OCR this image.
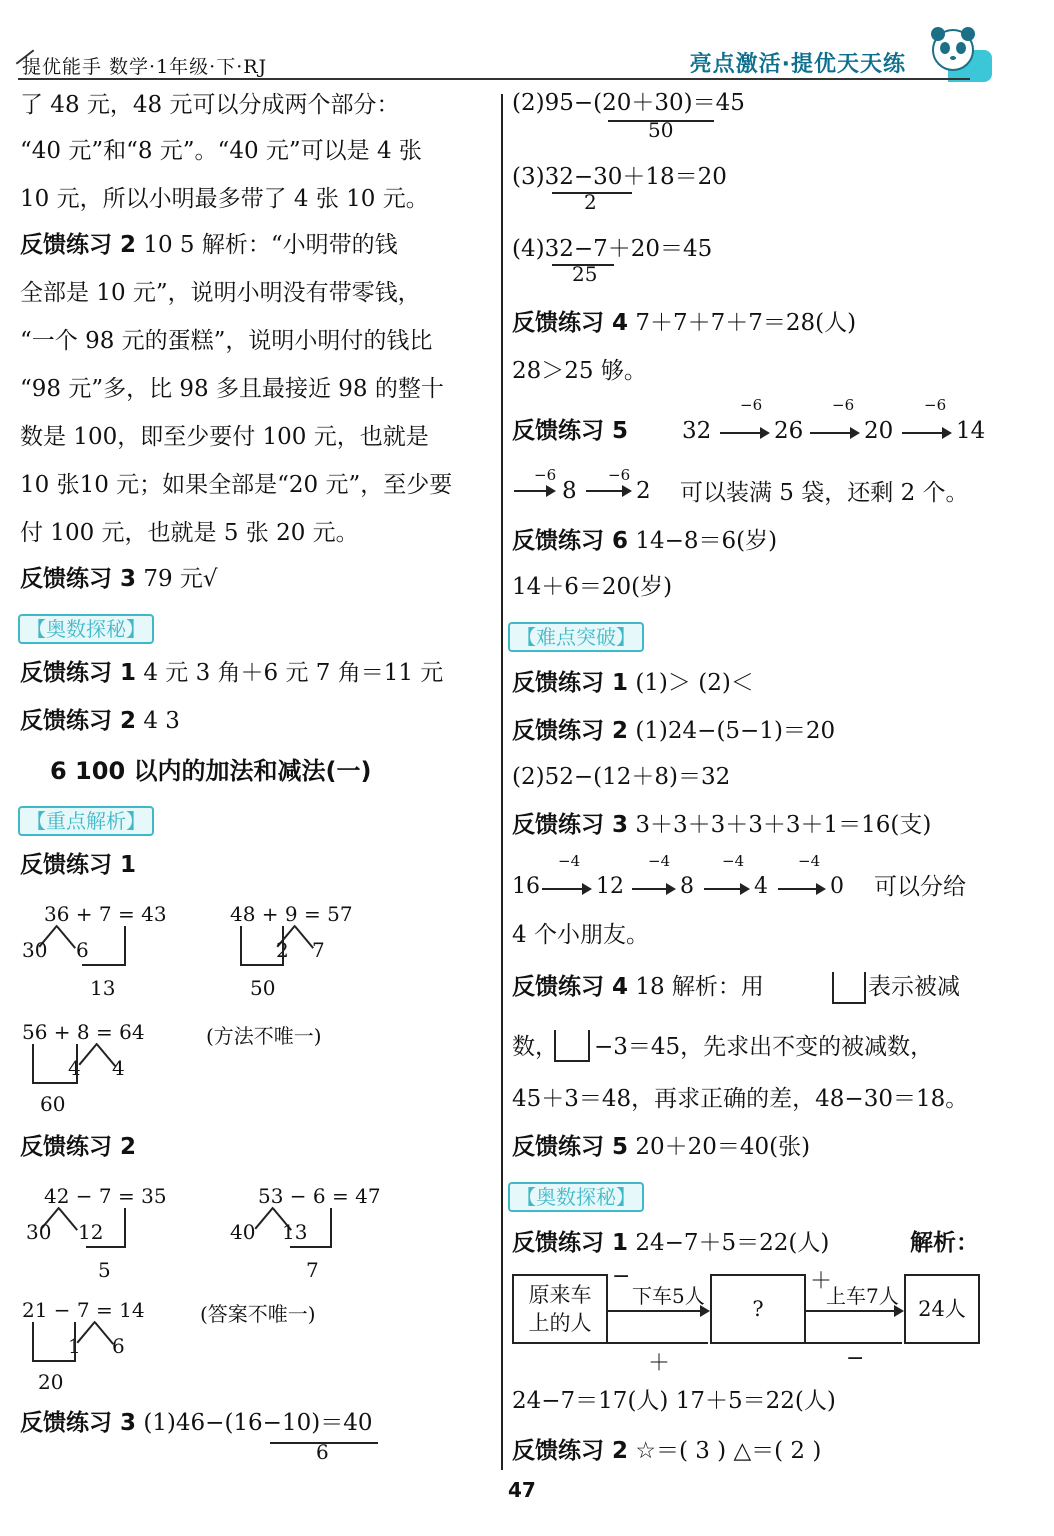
提优能手 数学·1年级·下·RJ	亮点激活·提优天天练
了 48 元，48 元可以分成两个部分：
“40 元”和“8 元”。“40 元”可以是 4 张
10 元，所以小明最多带了 4 张 10 元。
反馈练习 2 10 5 解析：“小明带的钱
全部是 10 元”，说明小明没有带零钱，
“一个 98 元的蛋糕”，说明小明付的钱比
“98 元”多，比 98 多且最接近 98 的整十
数是 100，即至少要付 100 元，也就是
10 张10 元；如果全部是“20 元”，至少要
付 100 元，也就是 5 张 20 元。
反馈练习 3 79 元√
【奥数探秘】
反馈练习 1 4 元 3 角＋6 元 7 角＝11 元
反馈练习 2 4 3
6 100 以内的加法和减法(一)
【重点解析】
反馈练习 1
36 + 7 = 43
30 6
13
48 + 9 = 57
2 7
50
56 + 8 = 64	(方法不唯一)
4 4
60
反馈练习 2
42 − 7 = 35
30 12
5
53 − 6 = 47
40 13
7
21 − 7 = 14	(答案不唯一)
1 6
20
反馈练习 3 (1)46−(16−10)＝40
6
(2)95−(20＋30)＝45
50
(3)32−30＋18＝20
2
(4)32−7＋20＝45
25
反馈练习 4 7＋7＋7＋7＝28(人)
28＞25 够。
反馈练习 5 32
−6
26
−6
20
−6
14
−6
8
−6
2 可以装满 5 袋，还剩 2 个。
反馈练习 6 14−8＝6(岁)
14＋6＝20(岁)
【难点突破】
反馈练习 1 (1)＞ (2)＜
反馈练习 2 (1)24−(5−1)＝20
(2)52−(12＋8)＝32
反馈练习 3 3＋3＋3＋3＋3＋1＝16(支)
16
−4
12
−4
8
−4
4
−4
0 可以分给
4 个小朋友。
反馈练习 4 18 解析：用	表示被减
数， −3＝45，先求出不变的被减数，
45＋3＝48，再求正确的差，48−30＝18。
反馈练习 5 20＋20＝40(张)
【奥数探秘】
反馈练习 1 24−7＋5＝22(人)	解析：
原来车
上的人
−
下车5人
＋
?
＋
上车7人
−
24人
24−7＝17(人) 17＋5＝22(人)
反馈练习 2 ☆＝( 3 ) △＝( 2 )
47
